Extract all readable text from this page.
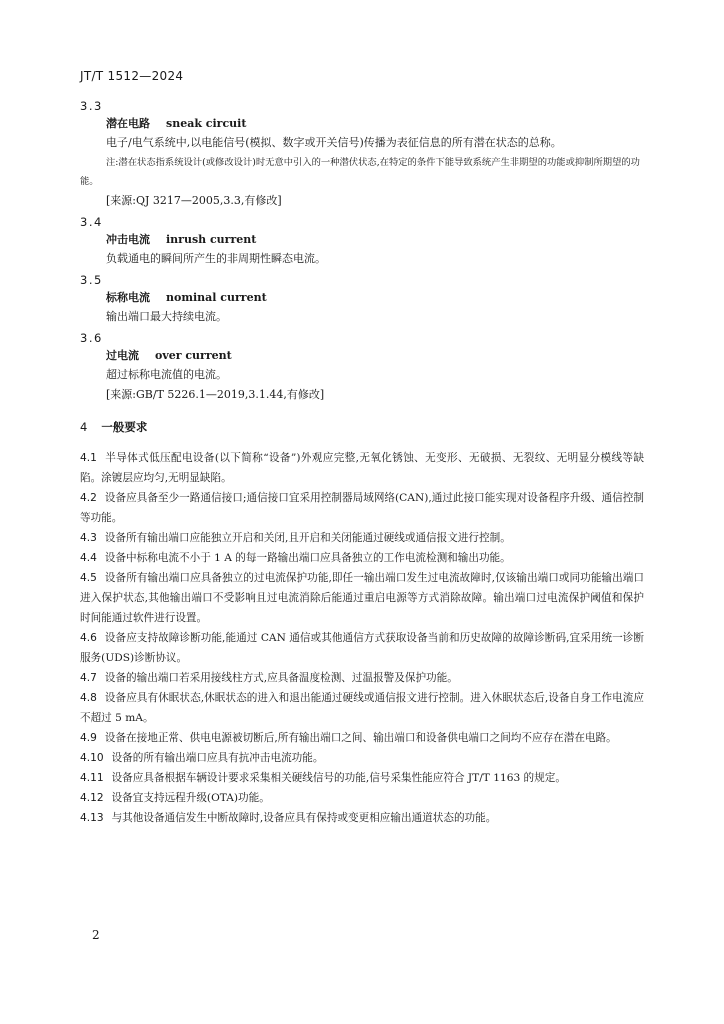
JT/T 1512—2024
3.3
潜在电路 sneak circuit
电子/电气系统中,以电能信号(模拟、数字或开关信号)传播为表征信息的所有潜在状态的总称。
注:潜在状态指系统设计(或修改设计)时无意中引入的一种潜伏状态,在特定的条件下能导致系统产生非期望的功能或抑制所期望的功能。
[来源:QJ 3217—2005,3.3,有修改]
3.4
冲击电流 inrush current
负载通电的瞬间所产生的非周期性瞬态电流。
3.5
标称电流 nominal current
输出端口最大持续电流。
3.6
过电流 over current
超过标称电流值的电流。
[来源:GB/T 5226.1—2019,3.1.44,有修改]
4 一般要求
4.1 半导体式低压配电设备(以下简称“设备”)外观应完整,无氧化锈蚀、无变形、无破损、无裂纹、无明显分模线等缺陷。涂镀层应均匀,无明显缺陷。
4.2 设备应具备至少一路通信接口;通信接口宜采用控制器局域网络(CAN),通过此接口能实现对设备程序升级、通信控制等功能。
4.3 设备所有输出端口应能独立开启和关闭,且开启和关闭能通过硬线或通信报文进行控制。
4.4 设备中标称电流不小于 1 A 的每一路输出端口应具备独立的工作电流检测和输出功能。
4.5 设备所有输出端口应具备独立的过电流保护功能,即任一输出端口发生过电流故障时,仅该输出端口或同功能输出端口进入保护状态,其他输出端口不受影响且过电流消除后能通过重启电源等方式消除故障。输出端口过电流保护阈值和保护时间能通过软件进行设置。
4.6 设备应支持故障诊断功能,能通过 CAN 通信或其他通信方式获取设备当前和历史故障的故障诊断码,宜采用统一诊断服务(UDS)诊断协议。
4.7 设备的输出端口若采用接线柱方式,应具备温度检测、过温报警及保护功能。
4.8 设备应具有休眠状态,休眠状态的进入和退出能通过硬线或通信报文进行控制。进入休眠状态后,设备自身工作电流应不超过 5 mA。
4.9 设备在接地正常、供电电源被切断后,所有输出端口之间、输出端口和设备供电端口之间均不应存在潜在电路。
4.10 设备的所有输出端口应具有抗冲击电流功能。
4.11 设备应具备根据车辆设计要求采集相关硬线信号的功能,信号采集性能应符合 JT/T 1163 的规定。
4.12 设备宜支持远程升级(OTA)功能。
4.13 与其他设备通信发生中断故障时,设备应具有保持或变更相应输出通道状态的功能。
2
